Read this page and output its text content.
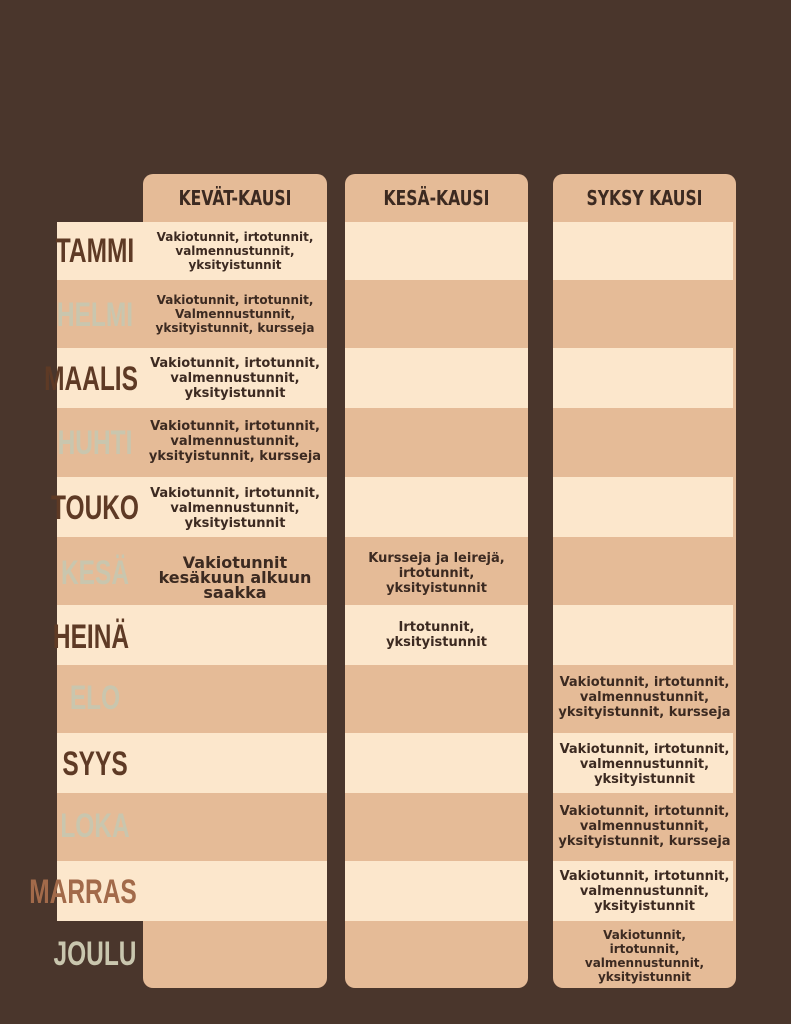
KEVÄT-KAUSI	KESÄ-KAUSI	SYKSY KAUSI
TAMMI
HELMI
MAALIS
HUHTI
TOUKO
KESÄ
HEINÄ
ELO
SYYS
LOKA
MARRAS
JOULU
Vakiotunnit, irtotunnit,
valmennustunnit,
yksityistunnit
Vakiotunnit, irtotunnit,
Valmennustunnit,
yksityistunnit, kursseja
Vakiotunnit, irtotunnit,
valmennustunnit,
yksityistunnit
Vakiotunnit, irtotunnit,
valmennustunnit,
yksityistunnit, kursseja
Vakiotunnit, irtotunnit,
valmennustunnit,
yksityistunnit
Vakiotunnit
kesäkuun alkuun
saakka
Kursseja ja leirejä,
irtotunnit,
yksityistunnit
Irtotunnit,
yksityistunnit
Vakiotunnit, irtotunnit,
valmennustunnit,
yksityistunnit, kursseja
Vakiotunnit, irtotunnit,
valmennustunnit,
yksityistunnit
Vakiotunnit, irtotunnit,
valmennustunnit,
yksityistunnit, kursseja
Vakiotunnit, irtotunnit,
valmennustunnit,
yksityistunnit
Vakiotunnit,
irtotunnit,
valmennustunnit,
yksityistunnit
